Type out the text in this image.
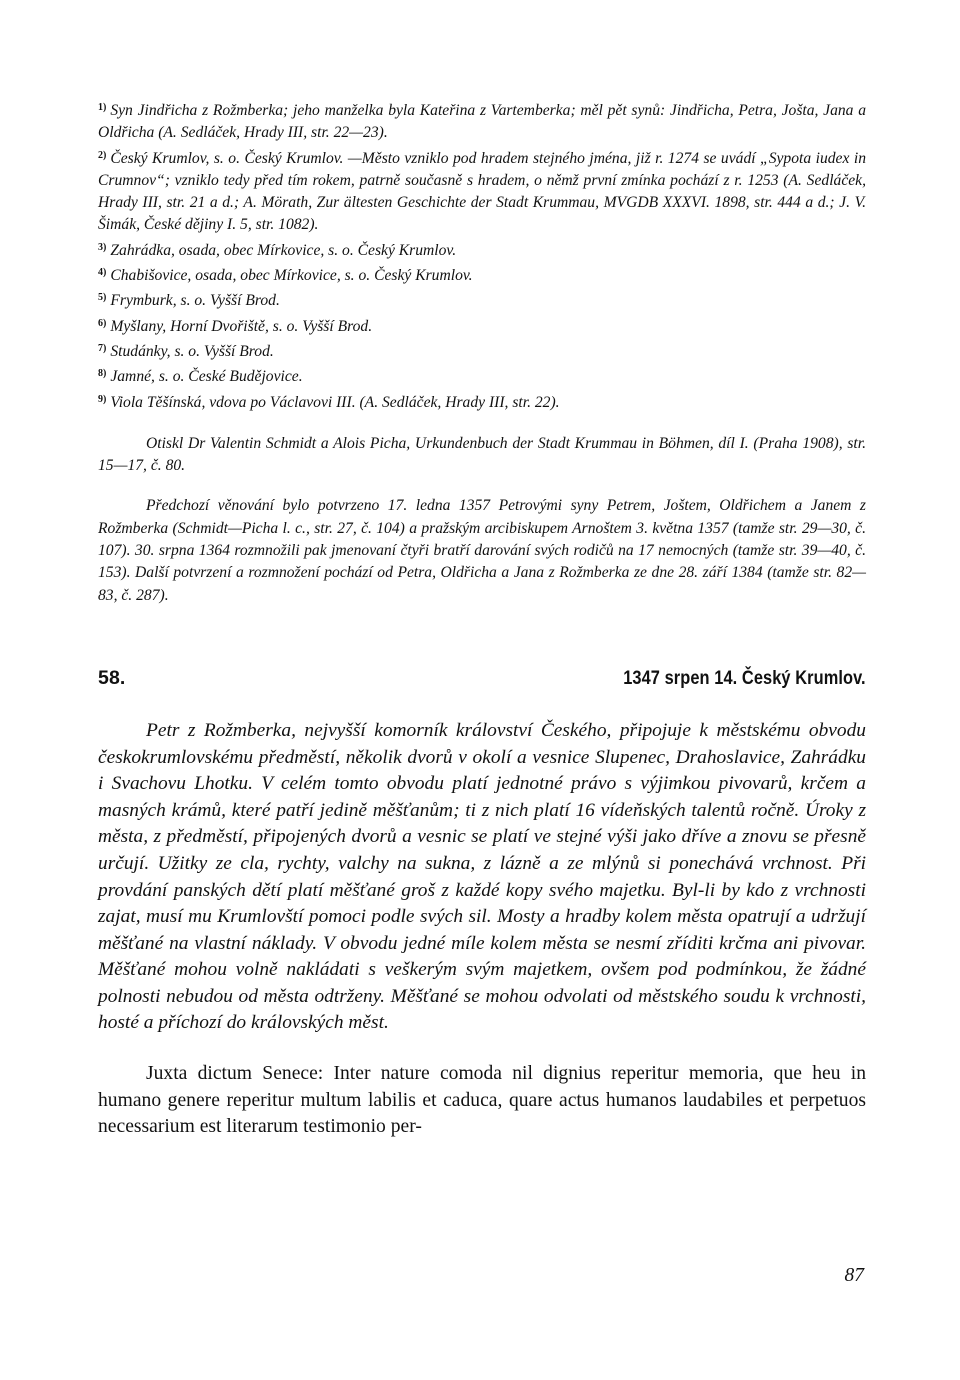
$^{1)}$ Syn Jindřicha z Rožmberka; jeho manželka byla Kateřina z Vartemberka; měl pět synů: Jindřicha, Petra, Jošta, Jana a Oldřicha (A. Sedláček, Hrady III, str. 22—23).

$^{2)}$ Český Krumlov, s. o. Český Krumlov. —Město vzniklo pod hradem stejného jména, již r. 1274 se uvádí „Sypota iudex in Crumnov“; vzniklo tedy před tím rokem, patrně současně s hradem, o němž první zmínka pochází z r. 1253 (A. Sedláček, Hrady III, str. 21 a d.; A. Mörath, Zur ältesten Geschichte der Stadt Krummau, MVGDB XXXVI. 1898, str. 444 a d.; J. V. Šimák, České dějiny I. 5, str. 1082).

$^{3)}$ Zahrádka, osada, obec Mírkovice, s. o. Český Krumlov.

$^{4)}$ Chabišovice, osada, obec Mírkovice, s. o. Český Krumlov.

$^{5)}$ Frymburk, s. o. Vyšší Brod.

$^{6)}$ Myšlany, Horní Dvořiště, s. o. Vyšší Brod.

$^{7)}$ Studánky, s. o. Vyšší Brod.

$^{8)}$ Jamné, s. o. České Budějovice.

$^{9)}$ Viola Těšínská, vdova po Václavovi III. (A. Sedláček, Hrady III, str. 22).

Otiskl Dr Valentin Schmidt a Alois Picha, Urkundenbuch der Stadt Krummau in Böhmen, díl I. (Praha 1908), str. 15—17, č. 80.

Předchozí věnování bylo potvrzeno 17. ledna 1357 Petrovými syny Petrem, Joštem, Oldřichem a Janem z Rožmberka (Schmidt—Picha l. c., str. 27, č. 104) a pražským arcibiskupem Arnoštem 3. května 1357 (tamže str. 29—30, č. 107). 30. srpna 1364 rozmnožili pak jmenovaní čtyři bratří darování svých rodičů na 17 nemocných (tamže str. 39—40, č. 153). Další potvrzení a rozmnožení pochází od Petra, Oldřicha a Jana z Rožmberka ze dne 28. září 1384 (tamže str. 82—83, č. 287).

58.	1347 srpen 14. Český Krumlov.

Petr z Rožmberka, nejvyšší komorník království Českého, připojuje k městskému obvodu českokrumlovskému předměstí, několik dvorů v okolí a vesnice Slupenec, Drahoslavice, Zahrádku i Svachovu Lhotku. V celém tomto obvodu platí jednotné právo s výjimkou pivovarů, krčem a masných krámů, které patří jedině měšťanům; ti z nich platí 16 vídeňských talentů ročně. Úroky z města, z předměstí, připojených dvorů a vesnic se platí ve stejné výši jako dříve a znovu se přesně určují. Užitky ze cla, rychty, valchy na sukna, z lázně a ze mlýnů si ponechává vrchnost. Při provdání panských dětí platí měšťané groš z každé kopy svého majetku. Byl-li by kdo z vrchnosti zajat, musí mu Krumlovští pomoci podle svých sil. Mosty a hradby kolem města opatrují a udržují měšťané na vlastní náklady. V obvodu jedné míle kolem města se nesmí zříditi krčma ani pivovar. Měšťané mohou volně nakládati s veškerým svým majetkem, ovšem pod podmínkou, že žádné polnosti nebudou od města odtrženy. Měšťané se mohou odvolati od městského soudu k vrchnosti, hosté a příchozí do královských měst.

Juxta dictum Senece: Inter nature comoda nil dignius reperitur memoria, que heu in humano genere reperitur multum labilis et caduca, quare actus humanos laudabiles et perpetuos necessarium est literarum testimonio per-

87
